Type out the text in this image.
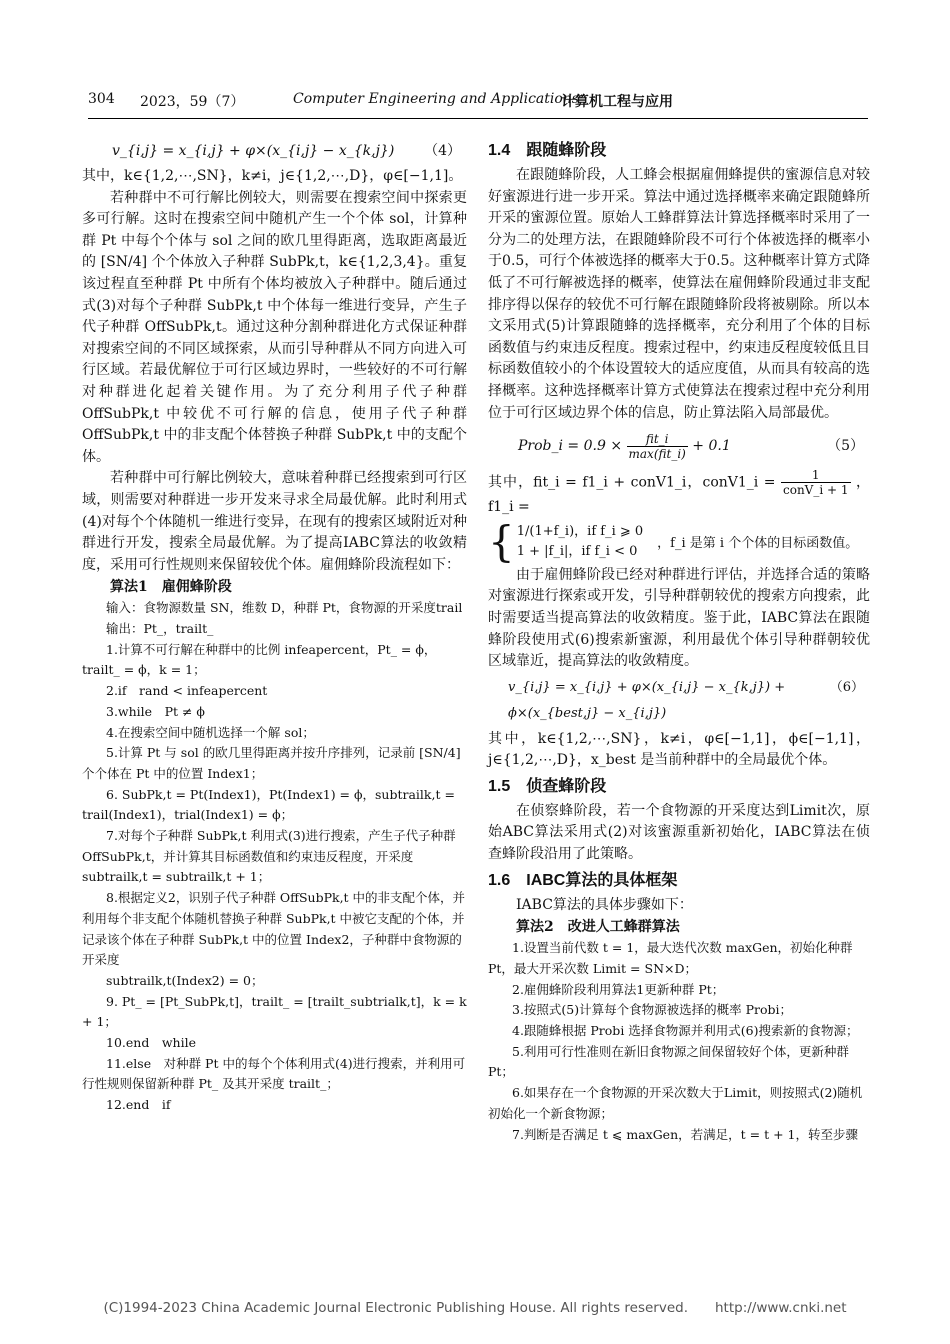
304 2023，59（7）	Computer Engineering and Applications
计算机工程与应用
v_{i,j} = x_{i,j} + φ×(x_{i,j} − x_{k,j}) （4）

其中，k∈{1,2,⋯,SN}，k≠i，j∈{1,2,⋯,D}，φ∈[−1,1]。

若种群中不可行解比例较大，则需要在搜索空间中探索更多可行解。这时在搜索空间中随机产生一个个体 sol，计算种群 Pt 中每个个体与 sol 之间的欧几里得距离，选取距离最近的 [SN/4] 个个体放入子种群 SubPk,t，k∈{1,2,3,4}。重复该过程直至种群 Pt 中所有个体均被放入子种群中。随后通过式(3)对每个子种群 SubPk,t 中个体每一维进行变异，产生子代子种群 OffSubPk,t。通过这种分割种群进化方式保证种群对搜索空间的不同区域探索，从而引导种群从不同方向进入可行区域。若最优解位于可行区域边界时，一些较好的不可行解对种群进化起着关键作用。为了充分利用子代子种群 OffSubPk,t 中较优不可行解的信息，使用子代子种群 OffSubPk,t 中的非支配个体替换子种群 SubPk,t 中的支配个体。

若种群中可行解比例较大，意味着种群已经搜索到可行区域，则需要对种群进一步开发来寻求全局最优解。此时利用式(4)对每个个体随机一维进行变异，在现有的搜索区域附近对种群进行开发，搜索全局最优解。为了提高IABC算法的收敛精度，采用可行性规则来保留较优个体。雇佣蜂阶段流程如下：

算法1　雇佣蜂阶段

输入：食物源数量 SN，维数 D，种群 Pt，食物源的开采度trail

输出：Pt_，trailt_

1.计算不可行解在种群中的比例 infeapercent，Pt_ = ϕ，trailt_ = ϕ，k = 1；

2.if　rand < infeapercent

3.while　Pt ≠ ϕ

4.在搜索空间中随机选择一个解 sol；

5.计算 Pt 与 sol 的欧几里得距离并按升序排列，记录前 [SN/4] 个个体在 Pt 中的位置 Index1；

6. SubPk,t = Pt(Index1)，Pt(Index1) = ϕ，subtrailk,t = trail(Index1)，trial(Index1) = ϕ；

7.对每个子种群 SubPk,t 利用式(3)进行搜索，产生子代子种群 OffSubPk,t，并计算其目标函数值和约束违反程度，开采度 subtrailk,t = subtrailk,t + 1；

8.根据定义2，识别子代子种群 OffSubPk,t 中的非支配个体，并利用每个非支配个体随机替换子种群 SubPk,t 中被它支配的个体，并记录该个体在子种群 SubPk,t 中的位置 Index2，子种群中食物源的开采度

subtrailk,t(Index2) = 0；

9. Pt_ = [Pt_SubPk,t]，trailt_ = [trailt_subtrialk,t]，k = k + 1；

10.end　while

11.else　对种群 Pt 中的每个个体利用式(4)进行搜索，并利用可行性规则保留新种群 Pt_ 及其开采度 trailt_；

12.end　if

1.4　跟随蜂阶段

在跟随蜂阶段，人工蜂会根据雇佣蜂提供的蜜源信息对较好蜜源进行进一步开采。算法中通过选择概率来确定跟随蜂所开采的蜜源位置。原始人工蜂群算法计算选择概率时采用了一分为二的处理方法，在跟随蜂阶段不可行个体被选择的概率小于0.5，可行个体被选择的概率大于0.5。这种概率计算方式降低了不可行解被选择的概率，使算法在雇佣蜂阶段通过非支配排序得以保存的较优不可行解在跟随蜂阶段将被剔除。所以本文采用式(5)计算跟随蜂的选择概率，充分利用了个体的目标函数值与约束违反程度。搜索过程中，约束违反程度较低且目标函数值较小的个体设置较大的适应度值，从而具有较高的选择概率。这种选择概率计算方式使算法在搜索过程中充分利用位于可行区域边界个体的信息，防止算法陷入局部最优。

Prob_i = $0.9 \times \frac{\text{fit\_i}}{\text{max(fit\_i)}} + 0.1$	（5）
其中，fit_i = f1_i + conV1_i，conV1_i = $\frac{1}{\text{conV\_i + 1}}$ ，f1_i =
{ 1/(1+f_i)，if f_i ⩾ 0
1 + |f_i|，if f_i < 0	，f_i 是第 i 个个体的目标函数值。

由于雇佣蜂阶段已经对种群进行评估，并选择合适的策略对蜜源进行探索或开发，引导种群朝较优的搜索方向搜索，此时需要适当提高算法的收敛精度。鉴于此，IABC算法在跟随蜂阶段使用式(6)搜索新蜜源，利用最优个体引导种群朝较优区域靠近，提高算法的收敛精度。

v_{i,j} = x_{i,j} + φ×(x_{i,j} − x_{k,j}) + ϕ×(x_{best,j} − x_{i,j})
（6）

其中，k∈{1,2,⋯,SN}，k≠i，φ∈[−1,1]，ϕ∈[−1,1]，j∈{1,2,⋯,D}，x_best 是当前种群中的全局最优个体。

1.5　侦查蜂阶段

在侦察蜂阶段，若一个食物源的开采度达到Limit次，原始ABC算法采用式(2)对该蜜源重新初始化，IABC算法在侦查蜂阶段沿用了此策略。

1.6　IABC算法的具体框架

IABC算法的具体步骤如下：

算法2　改进人工蜂群算法

1.设置当前代数 t = 1，最大迭代次数 maxGen，初始化种群 Pt，最大开采次数 Limit = SN×D；

2.雇佣蜂阶段利用算法1更新种群 Pt；

3.按照式(5)计算每个食物源被选择的概率 Probi；

4.跟随蜂根据 Probi 选择食物源并利用式(6)搜索新的食物源；

5.利用可行性准则在新旧食物源之间保留较好个体，更新种群 Pt；

6.如果存在一个食物源的开采次数大于Limit，则按照式(2)随机初始化一个新食物源；

7.判断是否满足 t ⩽ maxGen，若满足，t = t + 1，转至步骤

(C)1994-2023 China Academic Journal Electronic Publishing House. All rights reserved.　　http://www.cnki.net
